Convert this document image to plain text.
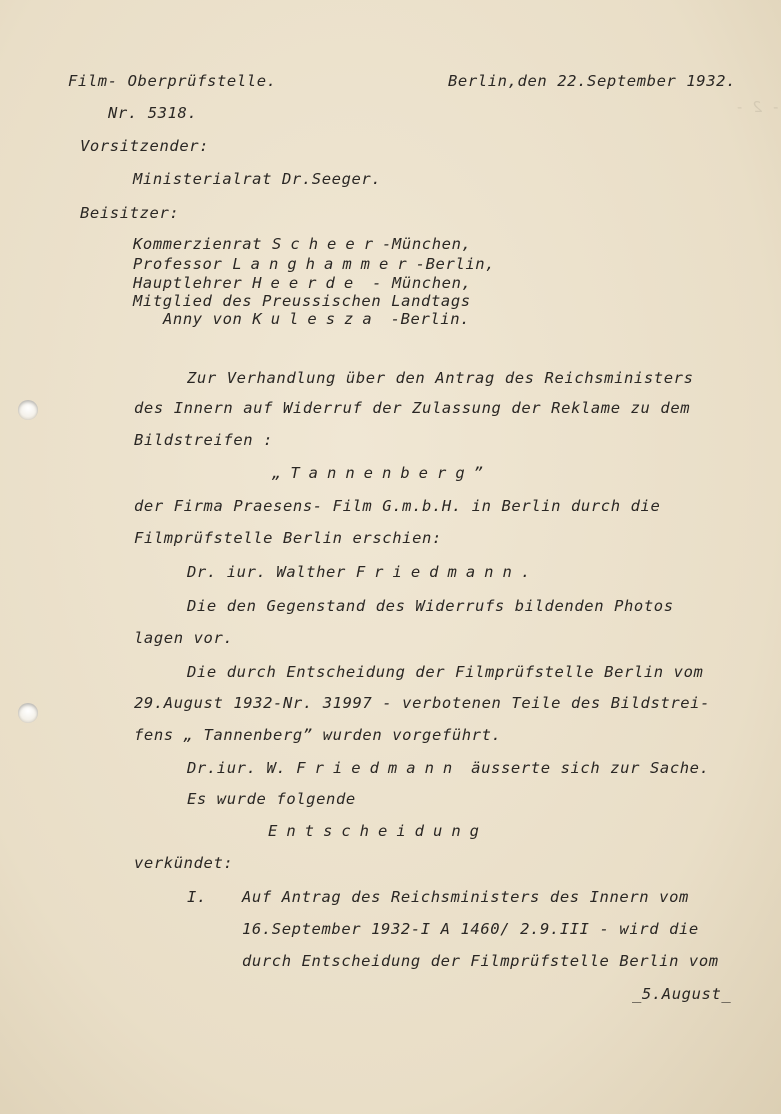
- 2 -

Film- Oberprüfstelle.	Berlin,den 22.September 1932.
Nr. 5318.
Vorsitzender:
Ministerialrat Dr.Seeger.
Beisitzer:
Kommerzienrat Scheer-München,
Professor Langhammer-Berlin,
Hauptlehrer Heerde - München,
Mitglied des Preussischen Landtags
Anny von Kulesza -Berlin.
Zur Verhandlung über den Antrag des Reichsministers
des Innern auf Widerruf der Zulassung der Reklame zu dem
Bildstreifen :
„Tannenberg”
der Firma Praesens- Film G.m.b.H. in Berlin durch die
Filmprüfstelle Berlin erschien:
Dr. iur. Walther Friedmann.
Die den Gegenstand des Widerrufs bildenden Photos
lagen vor.
Die durch Entscheidung der Filmprüfstelle Berlin vom
29.August 1932-Nr. 31997 - verbotenen Teile des Bildstrei-
fens „ Tannenberg” wurden vorgeführt.
Dr.iur. W. Friedmann äusserte sich zur Sache.
Es wurde folgende
Entscheidung
verkündet:
I. Auf Antrag des Reichsministers des Innern vom
16.September 1932-I A 1460/ 2.9.III - wird die
durch Entscheidung der Filmprüfstelle Berlin vom
_5.August_
